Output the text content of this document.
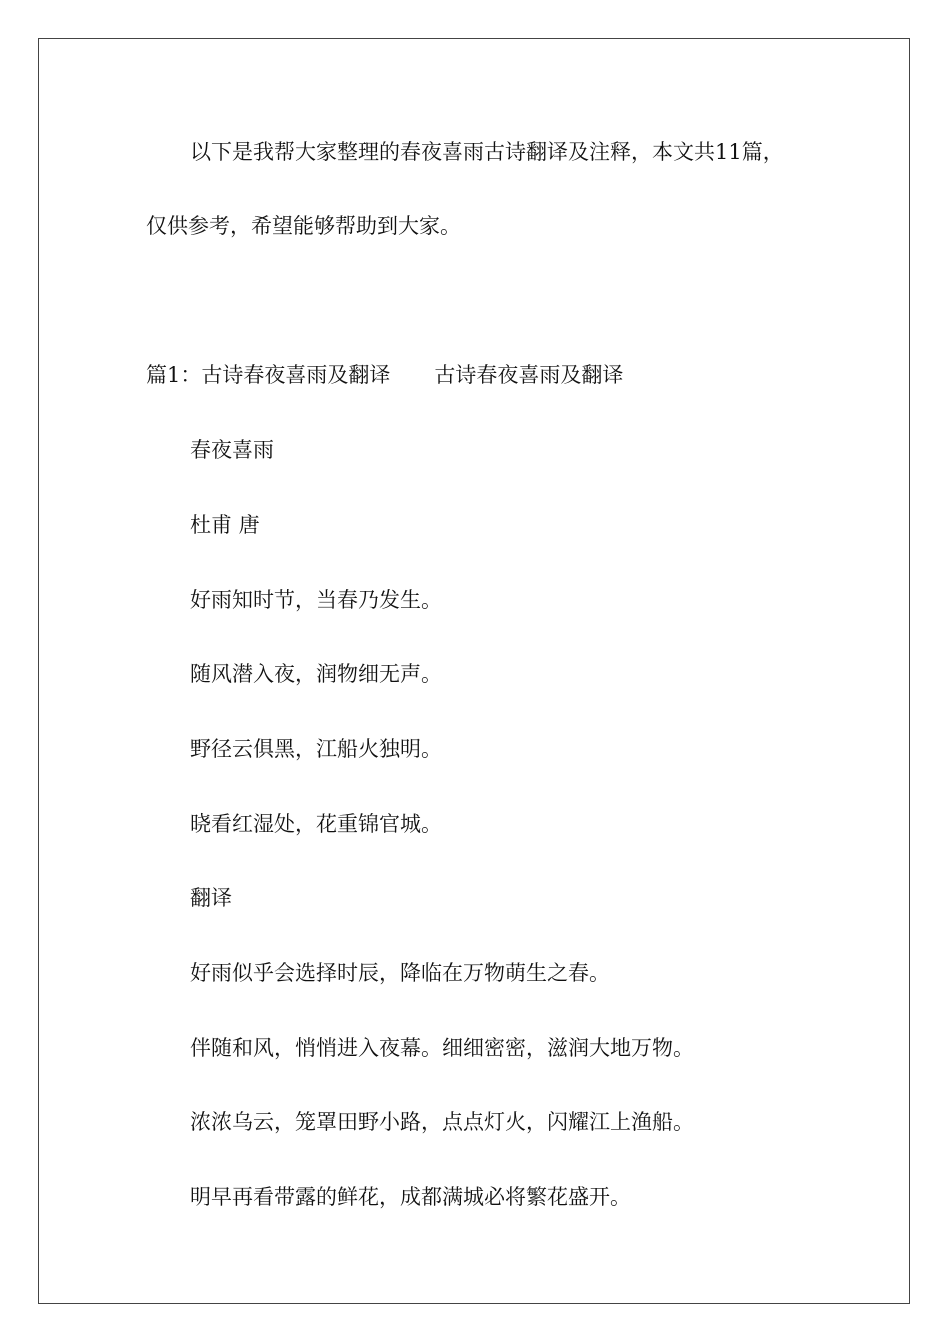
以下是我帮大家整理的春夜喜雨古诗翻译及注释，本文共11篇，
仅供参考，希望能够帮助到大家。
篇1：古诗春夜喜雨及翻译 古诗春夜喜雨及翻译
春夜喜雨
杜甫 唐
好雨知时节，当春乃发生。
随风潜入夜，润物细无声。
野径云俱黑，江船火独明。
晓看红湿处，花重锦官城。
翻译
好雨似乎会选择时辰，降临在万物萌生之春。
伴随和风，悄悄进入夜幕。细细密密，滋润大地万物。
浓浓乌云，笼罩田野小路，点点灯火，闪耀江上渔船。
明早再看带露的鲜花，成都满城必将繁花盛开。
